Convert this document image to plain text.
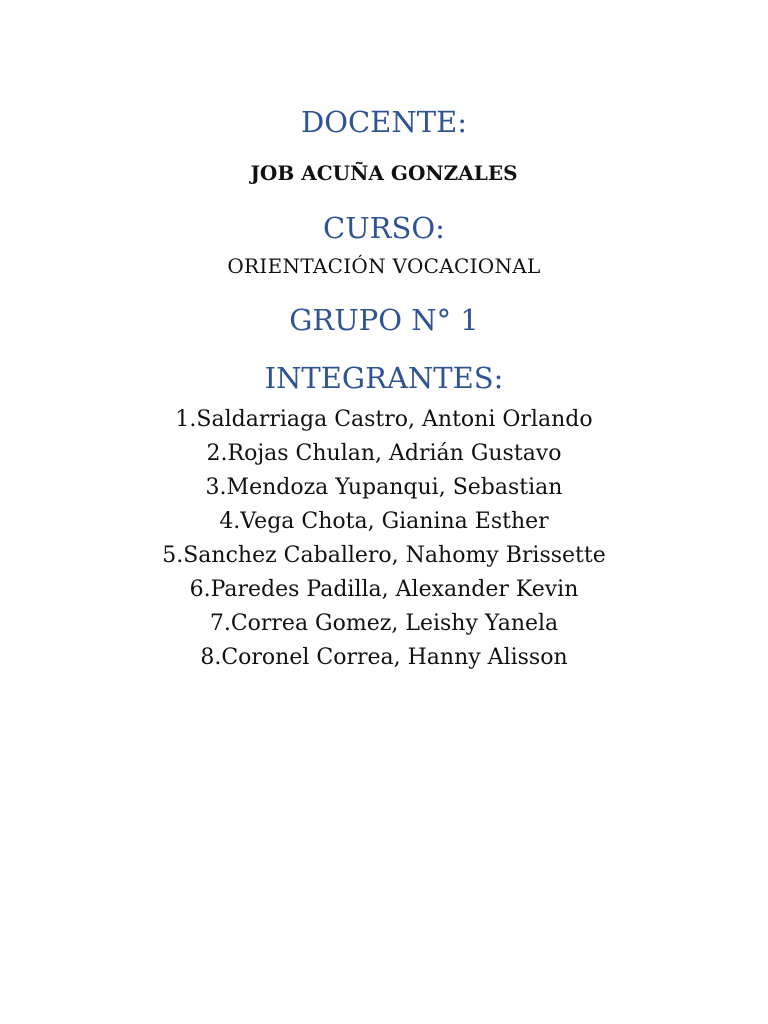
DOCENTE:
JOB ACUÑA GONZALES
CURSO:
ORIENTACIÓN VOCACIONAL
GRUPO N° 1
INTEGRANTES:
1.Saldarriaga Castro, Antoni Orlando
2.Rojas Chulan, Adrián Gustavo
3.Mendoza Yupanqui, Sebastian
4.Vega Chota, Gianina Esther
5.Sanchez Caballero, Nahomy Brissette
6.Paredes Padilla, Alexander Kevin
7.Correa Gomez, Leishy Yanela
8.Coronel Correa, Hanny Alisson
